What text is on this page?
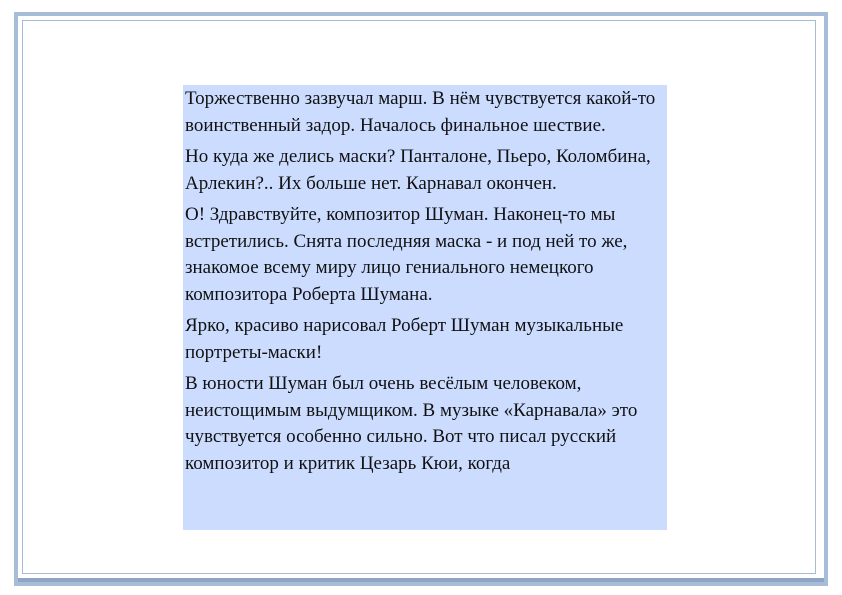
Торжественно зазвучал марш. В нём чувствуется какой-то воинственный задор. Началось финальное шествие.

Но куда же делись маски? Панталоне, Пьеро, Коломбина, Арлекин?.. Их больше нет. Карнавал окончен.

О! Здравствуйте, композитор Шуман. Наконец-то мы встретились. Снята последняя маска - и под ней то же, знакомое всему миру лицо гениального немецкого композитора Роберта Шумана.

Ярко, красиво нарисовал Роберт Шуман музыкальные портреты-маски!

В юности Шуман был очень весёлым человеком, неистощимым выдумщиком. В музыке «Карнавала» это чувствуется особенно сильно. Вот что писал русский композитор и критик Цезарь Кюи, когда
